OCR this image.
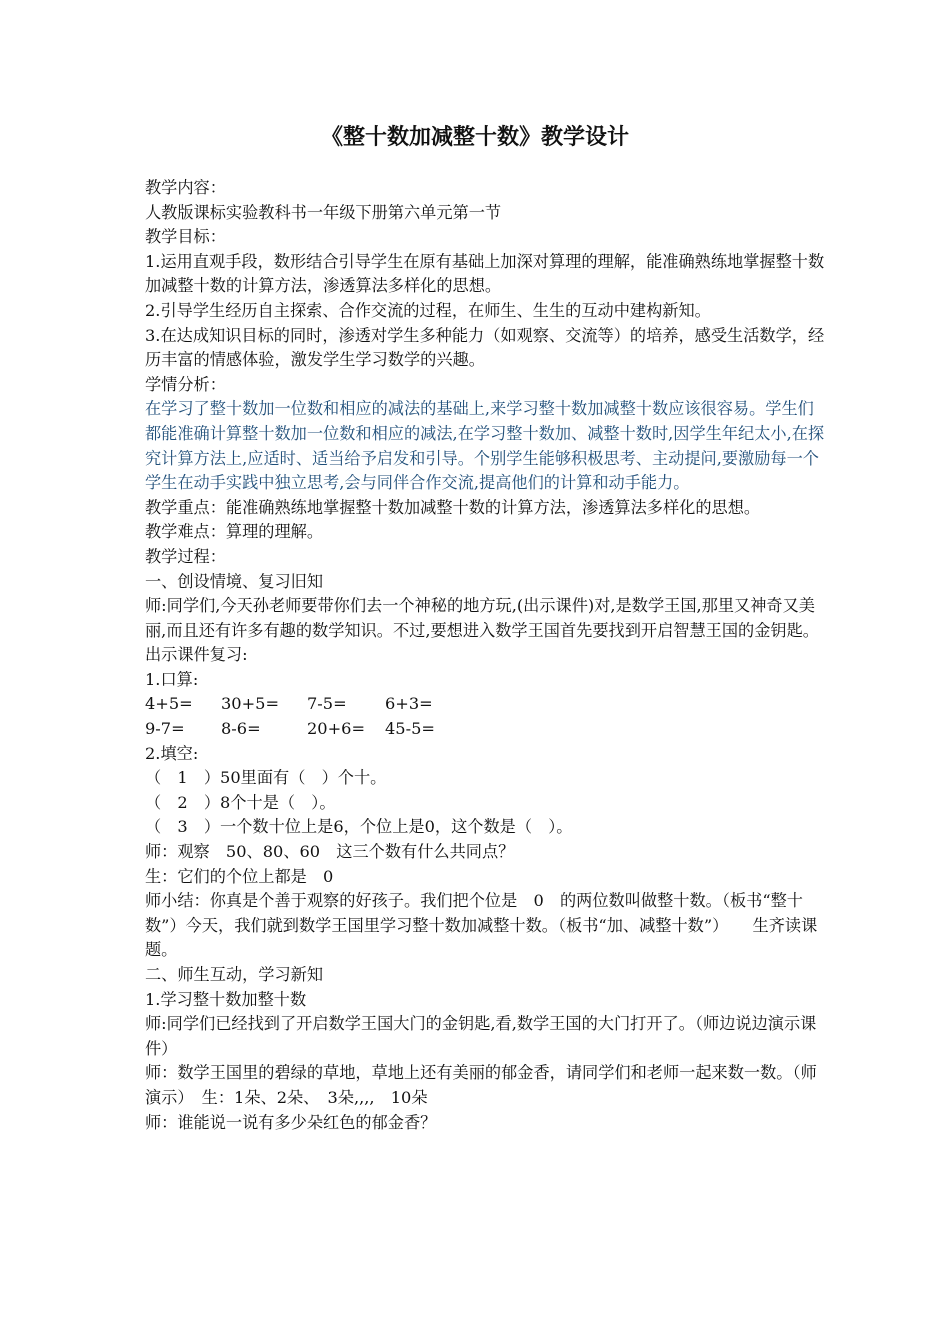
《整十数加减整十数》教学设计

教学内容：

人教版课标实验教科书一年级下册第六单元第一节

教学目标：

1.运用直观手段，数形结合引导学生在原有基础上加深对算理的理解，能准确熟练地掌握整十数加减整十数的计算方法，渗透算法多样化的思想。

2.引导学生经历自主探索、合作交流的过程，在师生、生生的互动中建构新知。

3.在达成知识目标的同时，渗透对学生多种能力（如观察、交流等）的培养，感受生活数学，经历丰富的情感体验，激发学生学习数学的兴趣。

学情分析：

在学习了整十数加一位数和相应的减法的基础上,来学习整十数加减整十数应该很容易。学生们都能准确计算整十数加一位数和相应的减法,在学习整十数加、减整十数时,因学生年纪太小,在探究计算方法上,应适时、适当给予启发和引导。个别学生能够积极思考、主动提问,要激励每一个学生在动手实践中独立思考,会与同伴合作交流,提高他们的计算和动手能力。

教学重点：能准确熟练地掌握整十数加减整十数的计算方法，渗透算法多样化的思想。

教学难点：算理的理解。

教学过程：

一、创设情境、复习旧知

师:同学们,今天孙老师要带你们去一个神秘的地方玩,(出示课件)对,是数学王国,那里又神奇又美丽,而且还有许多有趣的数学知识。不过,要想进入数学王国首先要找到开启智慧王国的金钥匙。

出示课件复习:

1.口算:

4+5=	30+5=	7-5=	6+3=
9-7=	8-6=	20+6=	45-5=

2.填空:

（　1　）50里面有（　）个十。

（　2　）8个十是（　）。

（　3　）一个数十位上是6，个位上是0，这个数是（　）。

师：观察　50、80、60　这三个数有什么共同点？

生：它们的个位上都是　0

师小结：你真是个善于观察的好孩子。我们把个位是　0　的两位数叫做整十数。（板书“整十数”）今天，我们就到数学王国里学习整十数加减整十数。（板书“加、减整十数”）　　生齐读课题。

二、师生互动，学习新知

1.学习整十数加整十数

师:同学们已经找到了开启数学王国大门的金钥匙,看,数学王国的大门打开了。（师边说边演示课件）

师：数学王国里的碧绿的草地，草地上还有美丽的郁金香，请同学们和老师一起来数一数。（师演示）　生：1朵、2朵、　3朵,,,,　10朵

师：谁能说一说有多少朵红色的郁金香？
